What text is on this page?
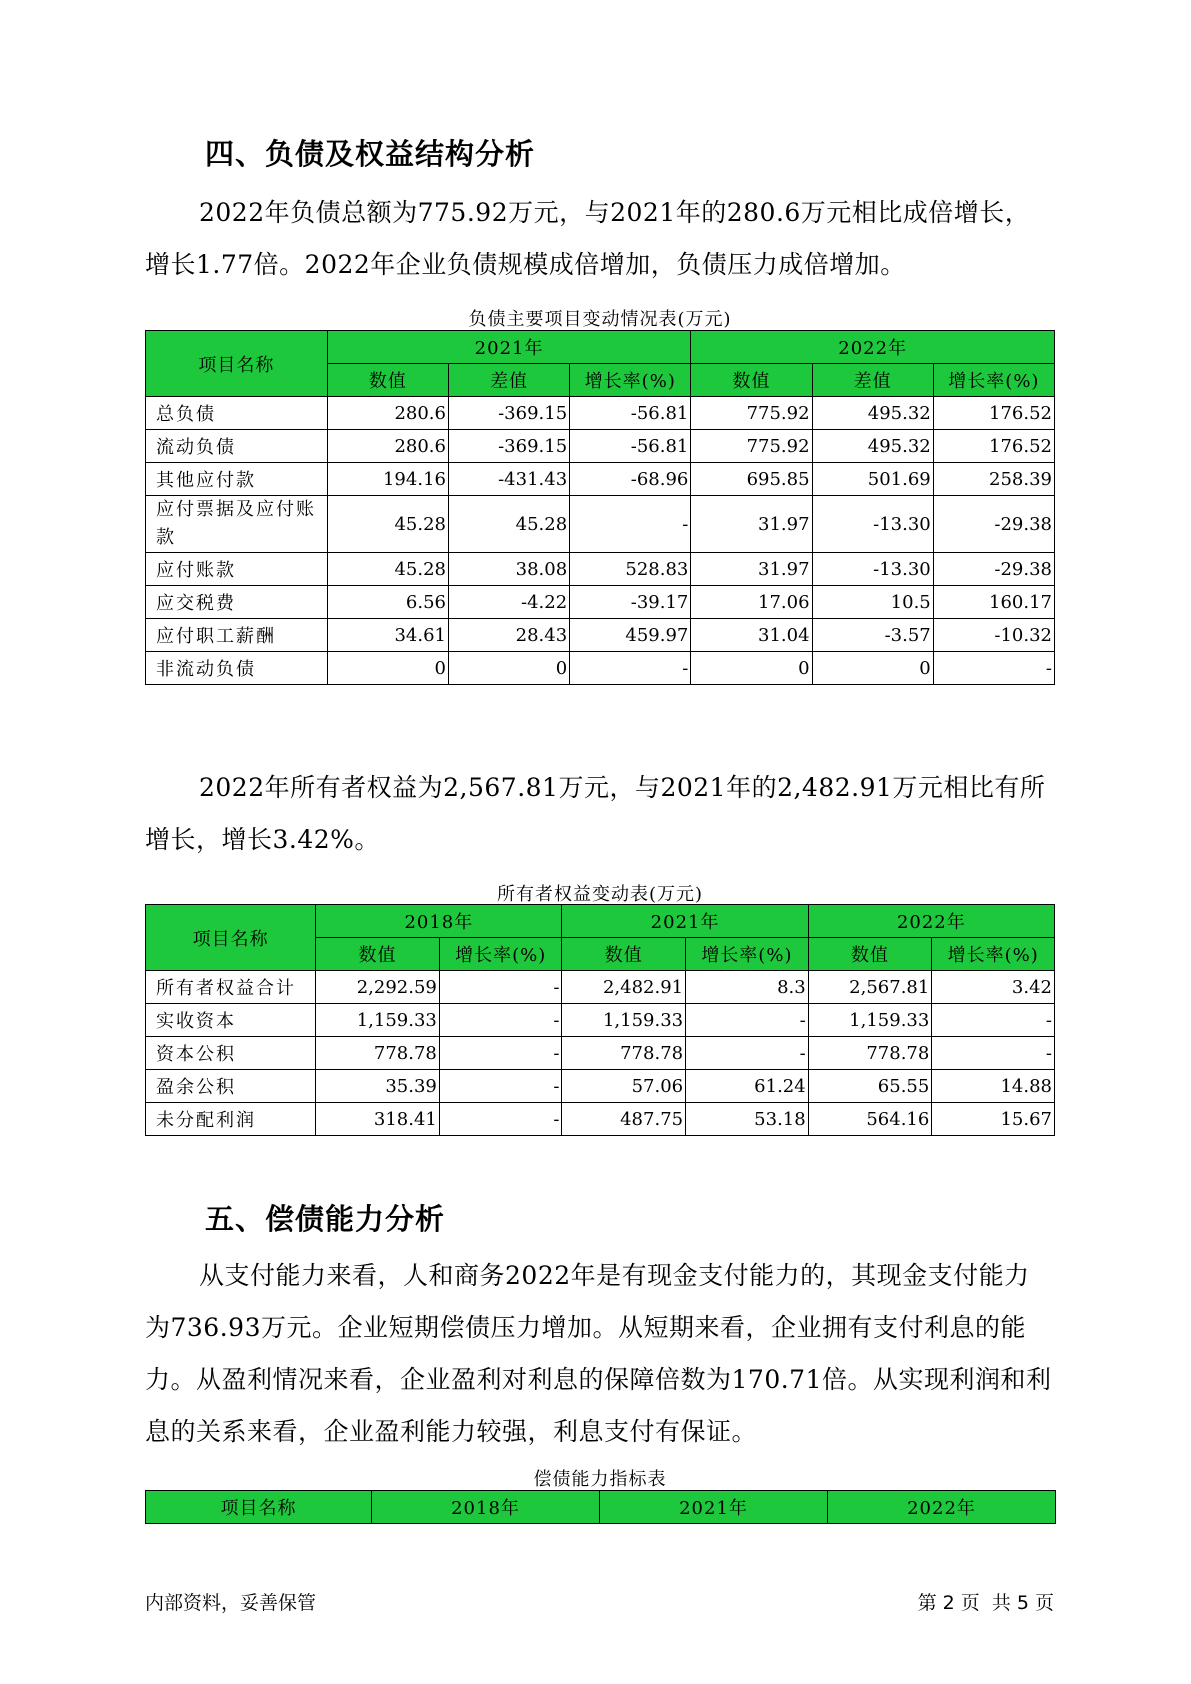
四、负债及权益结构分析

2022年负债总额为775.92万元，与2021年的280.6万元相比成倍增长，增长1.77倍。2022年企业负债规模成倍增加，负债压力成倍增加。

负债主要项目变动情况表(万元)
项目名称	2021年			2022年		
	数值	差值	增长率(%)	数值	差值	增长率(%)
总负债	280.6	-369.15	-56.81	775.92	495.32	176.52
流动负债	280.6	-369.15	-56.81	775.92	495.32	176.52
其他应付款	194.16	-431.43	-68.96	695.85	501.69	258.39
应付票据及应付账款	45.28	45.28	-	31.97	-13.30	-29.38
应付账款	45.28	38.08	528.83	31.97	-13.30	-29.38
应交税费	6.56	-4.22	-39.17	17.06	10.5	160.17
应付职工薪酬	34.61	28.43	459.97	31.04	-3.57	-10.32
非流动负债	0	0	-	0	0	-

2022年所有者权益为2,567.81万元，与2021年的2,482.91万元相比有所增长，增长3.42%。

所有者权益变动表(万元)
项目名称	2018年		2021年		2022年	
	数值	增长率(%)	数值	增长率(%)	数值	增长率(%)
所有者权益合计	2,292.59	-	2,482.91	8.3	2,567.81	3.42
实收资本	1,159.33	-	1,159.33	-	1,159.33	-
资本公积	778.78	-	778.78	-	778.78	-
盈余公积	35.39	-	57.06	61.24	65.55	14.88
未分配利润	318.41	-	487.75	53.18	564.16	15.67
五、偿债能力分析

从支付能力来看，人和商务2022年是有现金支付能力的，其现金支付能力为736.93万元。企业短期偿债压力增加。从短期来看，企业拥有支付利息的能力。从盈利情况来看，企业盈利对利息的保障倍数为170.71倍。从实现利润和利息的关系来看，企业盈利能力较强，利息支付有保证。

偿债能力指标表
项目名称	2018年	2021年	2022年
内部资料，妥善保管	第 2 页  共 5 页
